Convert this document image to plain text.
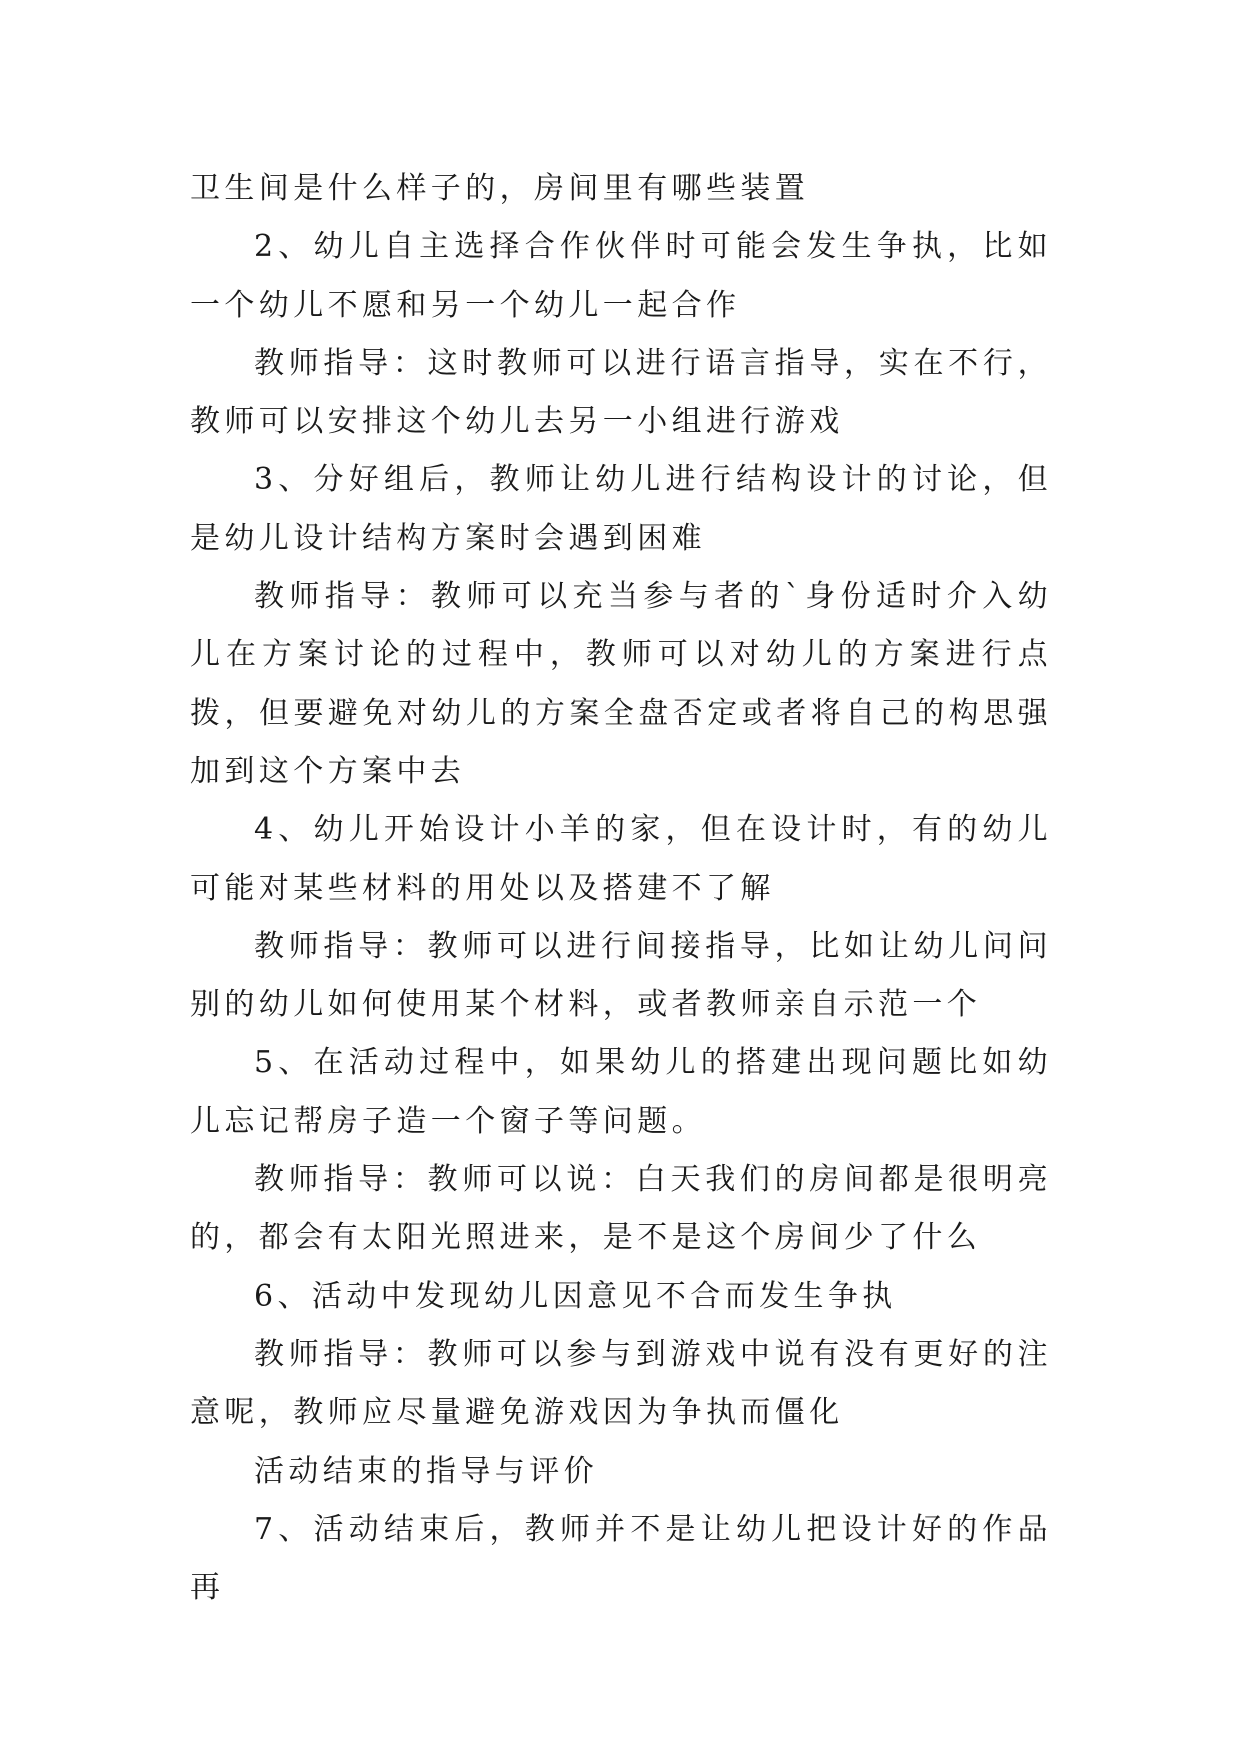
卫生间是什么样子的，房间里有哪些装置

2、幼儿自主选择合作伙伴时可能会发生争执，比如一个幼儿不愿和另一个幼儿一起合作

教师指导：这时教师可以进行语言指导，实在不行，教师可以安排这个幼儿去另一小组进行游戏

3、分好组后，教师让幼儿进行结构设计的讨论，但是幼儿设计结构方案时会遇到困难

教师指导：教师可以充当参与者的`身份适时介入幼儿在方案讨论的过程中，教师可以对幼儿的方案进行点拨，但要避免对幼儿的方案全盘否定或者将自己的构思强加到这个方案中去

4、幼儿开始设计小羊的家，但在设计时，有的幼儿可能对某些材料的用处以及搭建不了解

教师指导：教师可以进行间接指导，比如让幼儿问问别的幼儿如何使用某个材料，或者教师亲自示范一个

5、在活动过程中，如果幼儿的搭建出现问题比如幼儿忘记帮房子造一个窗子等问题。

教师指导：教师可以说：白天我们的房间都是很明亮的，都会有太阳光照进来，是不是这个房间少了什么

6、活动中发现幼儿因意见不合而发生争执

教师指导：教师可以参与到游戏中说有没有更好的注意呢，教师应尽量避免游戏因为争执而僵化

活动结束的指导与评价

7、活动结束后，教师并不是让幼儿把设计好的作品再
